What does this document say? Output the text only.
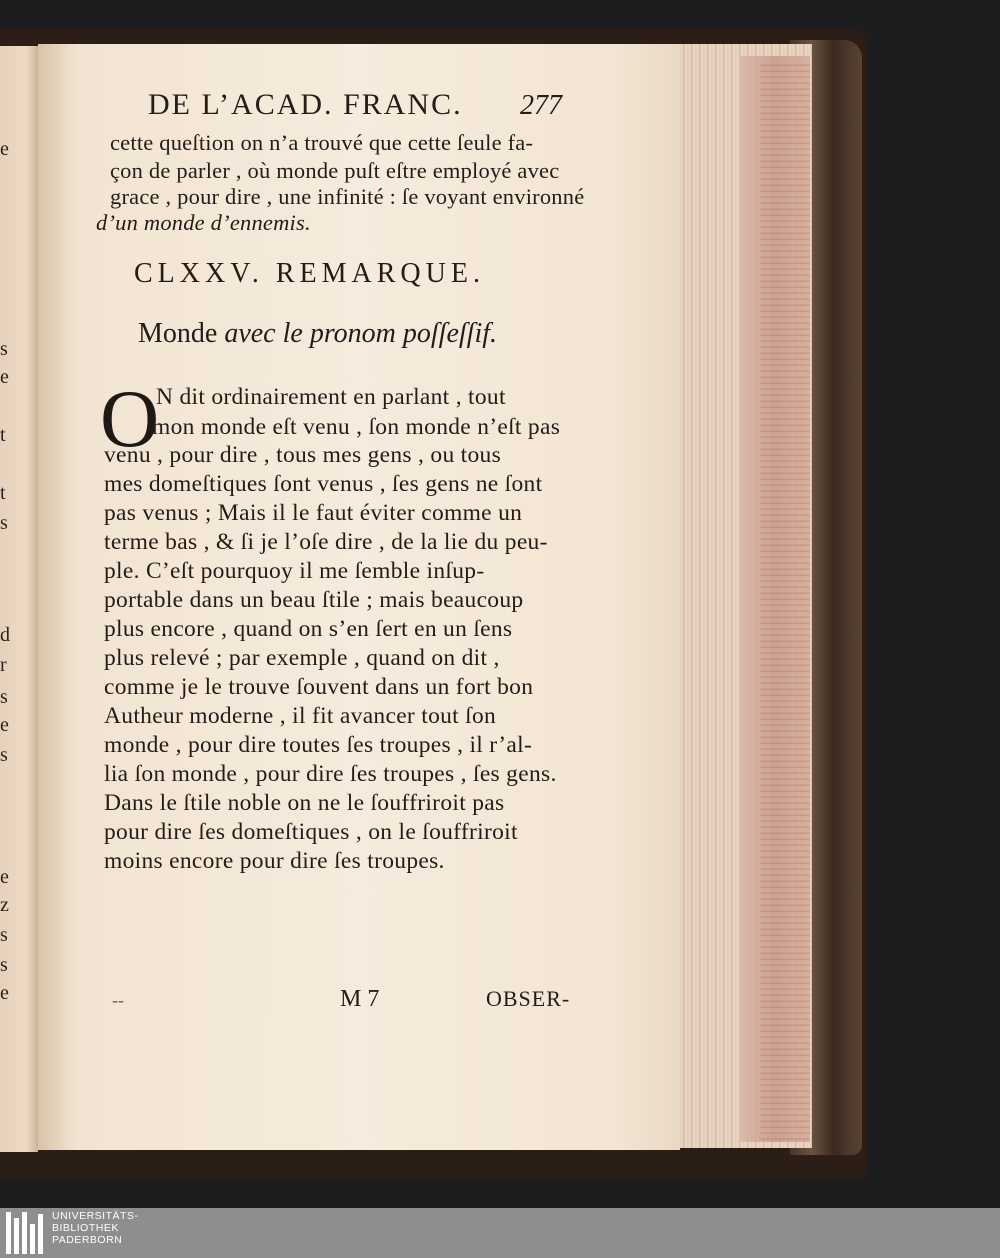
e
s
e
t
t
s
d
r
s
e
s
e
z
s
s
e
DE L’ACAD. FRANC. 277
cette queſtion on n’a trouvé que cette ſeule fa-
çon de parler , où monde puſt eſtre employé avec
grace , pour dire , une infinité : ſe voyant environné
d’un monde d’ennemis.
CLXXV. REMARQUE.
Monde avec le pronom poſſeſſif.
O
N dit ordinairement en parlant , tout
mon monde eſt venu , ſon monde n’eſt pas
venu , pour dire , tous mes gens , ou tous
mes domeſtiques ſont venus , ſes gens ne ſont
pas venus ; Mais il le faut éviter comme un
terme bas , & ſi je l’oſe dire , de la lie du peu-
ple. C’eſt pourquoy il me ſemble inſup-
portable dans un beau ſtile ; mais beaucoup
plus encore , quand on s’en ſert en un ſens
plus relevé ; par exemple , quand on dit ,
comme je le trouve ſouvent dans un fort bon
Autheur moderne , il fit avancer tout ſon
monde , pour dire toutes ſes troupes , il r’al-
lia ſon monde , pour dire ſes troupes , ſes gens.
Dans le ſtile noble on ne le ſouffriroit pas
pour dire ſes domeſtiques , on le ſouffriroit
moins encore pour dire ſes troupes.
--	M 7	OBSER-
UNIVERSITÄTS-
BIBLIOTHEK
PADERBORN
